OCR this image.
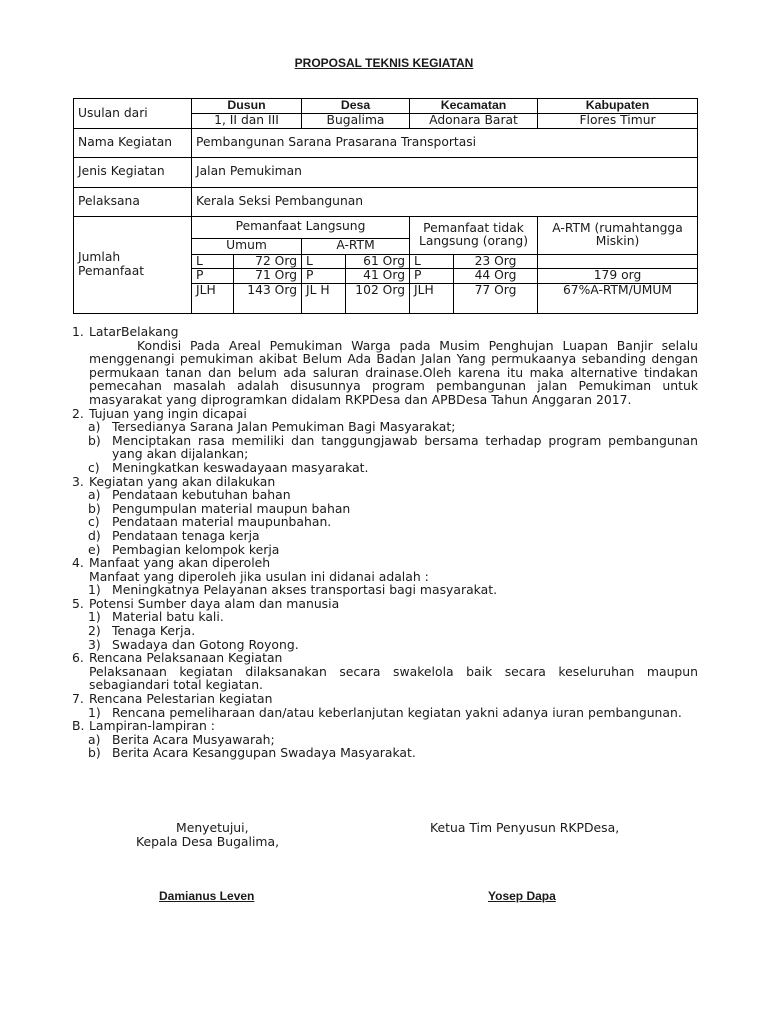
PROPOSAL TEKNIS KEGIATAN
Usulan dari	Dusun		Desa		Kecamatan		Kabupaten
	1, II dan III		Bugalima		Adonara Barat		Flores Timur
Nama Kegiatan	Pembangunan Sarana Prasarana Transportasi						
Jenis Kegiatan	Jalan Pemukiman						
Pelaksana	Kerala Seksi Pembangunan						
Jumlah Pemanfaat	Pemanfaat Langsung				Pemanfaat tidak Langsung (orang)		A-RTM (rumahtangga Miskin)
	Umum		A-RTM				
	L	72 Org	L	61 Org	L	23 Org	
	P	71 Org	P	41 Org	P	44 Org	179 org
	JLH	143 Org	JL H	102 Org	JLH	77 Org	67%A-RTM/UMUM
1. LatarBelakang
Kondisi Pada Areal Pemukiman Warga pada Musim Penghujan Luapan Banjir selalu menggenangi pemukiman akibat Belum Ada Badan Jalan Yang permukaanya sebanding dengan permukaan tanan dan belum ada saluran drainase.Oleh karena itu maka alternative tindakan pemecahan masalah adalah disusunnya program pembangunan jalan Pemukiman untuk masyarakat yang diprogramkan didalam RKPDesa dan APBDesa Tahun Anggaran 2017.
2. Tujuan yang ingin dicapai
a) Tersedianya Sarana Jalan Pemukiman Bagi Masyarakat;
b) Menciptakan rasa memiliki dan tanggungjawab bersama terhadap program pembangunan yang akan dijalankan;
c) Meningkatkan keswadayaan masyarakat.
3. Kegiatan yang akan dilakukan
a) Pendataan kebutuhan bahan
b) Pengumpulan material maupun bahan
c) Pendataan material maupunbahan.
d) Pendataan tenaga kerja
e) Pembagian kelompok kerja
4. Manfaat yang akan diperoleh
Manfaat yang diperoleh jika usulan ini didanai adalah :
1) Meningkatnya Pelayanan akses transportasi bagi masyarakat.
5. Potensi Sumber daya alam dan manusia
1) Material batu kali.
2) Tenaga Kerja.
3) Swadaya dan Gotong Royong.
6. Rencana Pelaksanaan Kegiatan
Pelaksanaan kegiatan dilaksanakan secara swakelola baik secara keseluruhan maupun sebagiandari total kegiatan.
7. Rencana Pelestarian kegiatan
1) Rencana pemeliharaan dan/atau keberlanjutan kegiatan yakni adanya iuran pembangunan.
B. Lampiran-lampiran :
a) Berita Acara Musyawarah;
b) Berita Acara Kesanggupan Swadaya Masyarakat.
Menyetujui,
Kepala Desa Bugalima,
Ketua Tim Penyusun RKPDesa,
Damianus Leven	Yosep Dapa
